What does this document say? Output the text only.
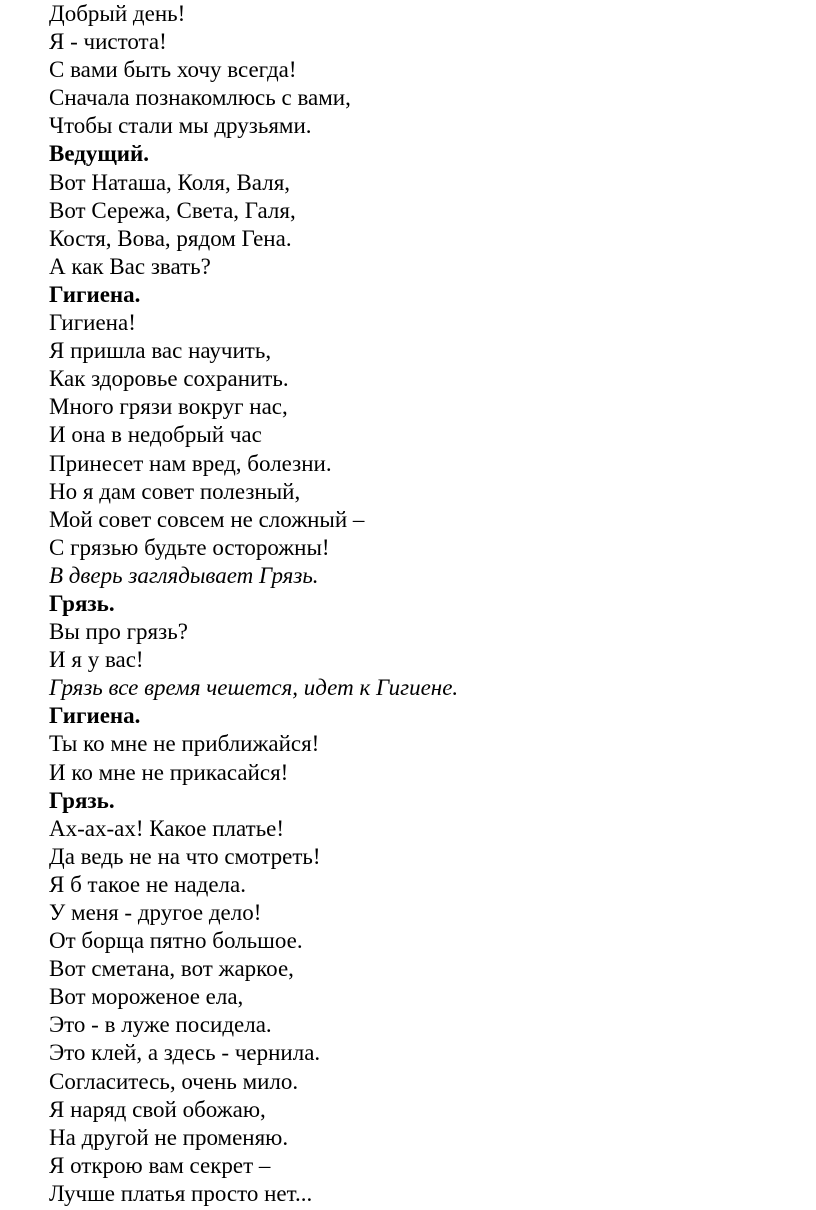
Добрый день!
Я - чистота!
С вами быть хочу всегда!
Сначала познакомлюсь с вами,
Чтобы стали мы друзьями.
Ведущий.
Вот Наташа, Коля, Валя,
Вот Сережа, Света, Галя,
Костя, Вова, рядом Гена.
А как Вас звать?
Гигиена.
Гигиена!
Я пришла вас научить,
Как здоровье сохранить.
Много грязи вокруг нас,
И она в недобрый час
Принесет нам вред, болезни.
Но я дам совет полезный,
Мой совет совсем не сложный –
С грязью будьте осторожны!
В дверь заглядывает Грязь.
Грязь.
Вы про грязь?
И я у вас!
Грязь все время чешется, идет к Гигиене.
Гигиена.
Ты ко мне не приближайся!
И ко мне не прикасайся!
Грязь.
Ах-ах-ах! Какое платье!
Да ведь не на что смотреть!
Я б такое не надела.
У меня - другое дело!
От борща пятно большое.
Вот сметана, вот жаркое,
Вот мороженое ела,
Это - в луже посидела.
Это клей, а здесь - чернила.
Согласитесь, очень мило.
Я наряд свой обожаю,
На другой не променяю.
Я открою вам секрет –
Лучше платья просто нет...
